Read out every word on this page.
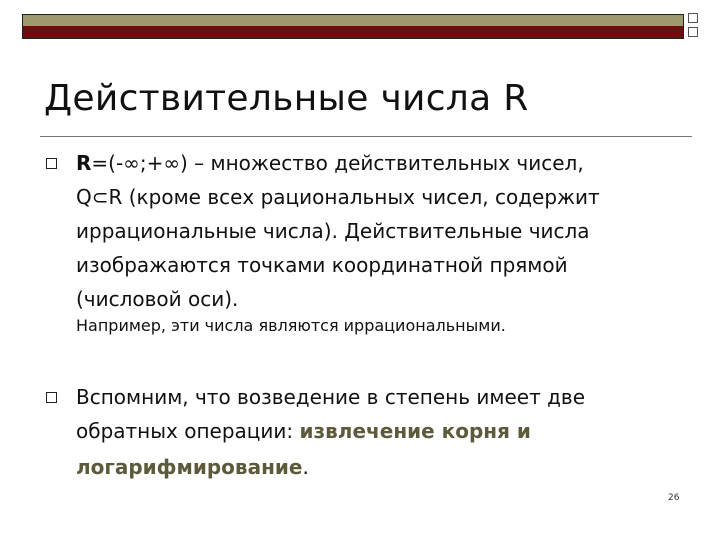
Действительные числа R
R=(-∞;+∞) – множество действительных чисел,
Q⊂R (кроме всех рациональных чисел, содержит
иррациональные числа). Действительные числа
изображаются точками координатной прямой
(числовой оси).
Например, эти числа являются иррациональными.
Вспомним, что возведение в степень имеет две
обратных операции: извлечение корня и
логарифмирование.
26
